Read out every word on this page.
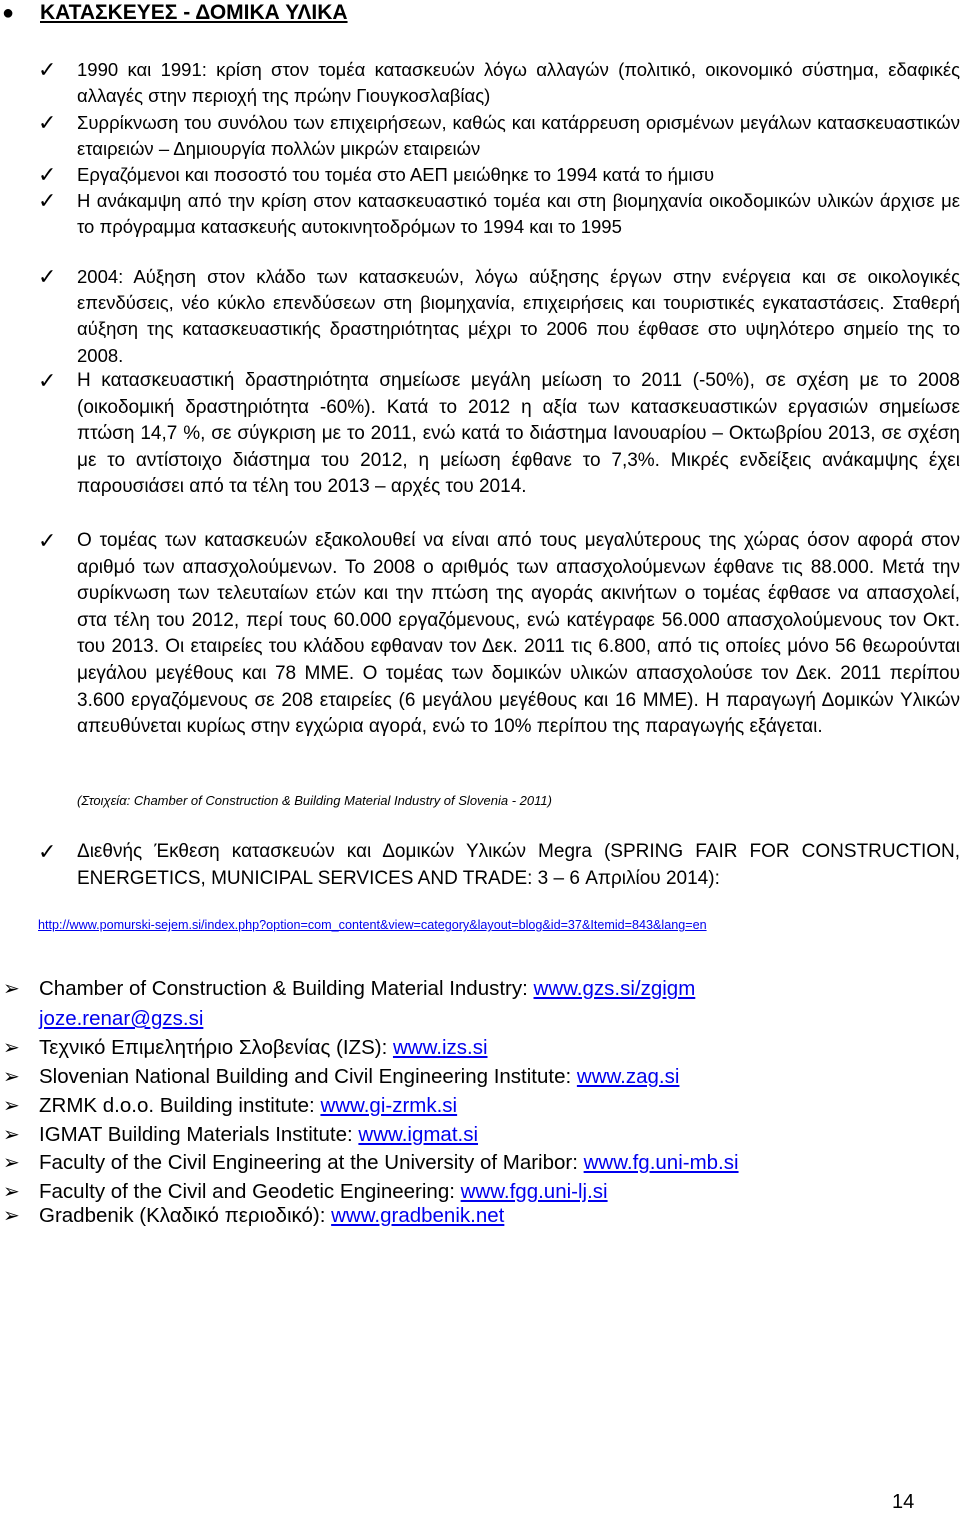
● ΚΑΤΑΣΚΕΥΕΣ - ΔΟΜΙΚΑ ΥΛΙΚΑ
✓ 1990 και 1991: κρίση στον τομέα κατασκευών λόγω αλλαγών (πολιτικό, οικονομικό σύστημα, εδαφικές αλλαγές στην περιοχή της πρώην Γιουγκοσλαβίας)
✓ Συρρίκνωση του συνόλου των επιχειρήσεων, καθώς και κατάρρευση ορισμένων μεγάλων κατασκευαστικών εταιρειών – Δημιουργία πολλών μικρών εταιρειών
✓ Εργαζόμενοι και ποσοστό του τομέα στο ΑΕΠ μειώθηκε το 1994 κατά το ήμισυ
✓ Η ανάκαμψη από την κρίση στον κατασκευαστικό τομέα και στη βιομηχανία οικοδομικών υλικών άρχισε με το πρόγραμμα κατασκευής αυτοκινητοδρόμων το 1994 και το 1995
✓ 2004: Αύξηση στον κλάδο των κατασκευών, λόγω αύξησης έργων στην ενέργεια και σε οικολογικές επενδύσεις, νέο κύκλο επενδύσεων στη βιομηχανία, επιχειρήσεις και τουριστικές εγκαταστάσεις. Σταθερή αύξηση της κατασκευαστικής δραστηριότητας μέχρι το 2006 που έφθασε στο υψηλότερο σημείο της το 2008.
✓ Η κατασκευαστική δραστηριότητα σημείωσε μεγάλη μείωση το 2011 (-50%), σε σχέση με το 2008 (οικοδομική δραστηριότητα -60%). Κατά το 2012 η αξία των κατασκευαστικών εργασιών σημείωσε πτώση 14,7 %, σε σύγκριση με το 2011, ενώ κατά το διάστημα Ιανουαρίου – Οκτωβρίου 2013, σε σχέση με το αντίστοιχο διάστημα του 2012, η μείωση έφθανε το 7,3%. Μικρές ενδείξεις ανάκαμψης έχει παρουσιάσει από τα τέλη του 2013 – αρχές του 2014.
✓ Ο τομέας των κατασκευών εξακολουθεί να είναι από τους μεγαλύτερους της χώρας όσον αφορά στον αριθμό των απασχολούμενων. Το 2008 ο αριθμός των απασχολούμενων έφθανε τις 88.000. Μετά την συρίκνωση των τελευταίων ετών και την πτώση της αγοράς ακινήτων ο τομέας έφθασε να απασχολεί, στα τέλη του 2012, περί τους 60.000 εργαζόμενους, ενώ κατέγραφε 56.000 απασχολούμενους τον Οκτ. του 2013. Οι εταιρείες του κλάδου εφθαναν τον Δεκ. 2011 τις 6.800, από τις οποίες μόνο 56 θεωρούνται μεγάλου μεγέθους και 78 ΜΜΕ. Ο τομέας των δομικών υλικών απασχολούσε τον Δεκ. 2011 περίπου 3.600 εργαζόμενους σε 208 εταιρείες (6 μεγάλου μεγέθους και 16 ΜΜΕ). Η παραγωγή Δομικών Υλικών απευθύνεται κυρίως στην εγχώρια αγορά, ενώ το 10% περίπου της παραγωγής εξάγεται.
(Στοιχεία: Chamber of Construction & Building Material Industry of Slovenia - 2011)
✓ Διεθνής Έκθεση κατασκευών και Δομικών Υλικών Megra (SPRING FAIR FOR CONSTRUCTION, ENERGETICS, MUNICIPAL SERVICES AND TRADE: 3 – 6 Απριλίου 2014):
http://www.pomurski-sejem.si/index.php?option=com_content&view=category&layout=blog&id=37&Itemid=843&lang=en
➢ Chamber of Construction & Building Material Industry: www.gzs.si/zgigm
joze.renar@gzs.si
➢ Τεχνικό Επιμελητήριο Σλοβενίας (IZS): www.izs.si
➢ Slovenian National Building and Civil Engineering Institute: www.zag.si
➢ ZRMK d.o.o. Building institute: www.gi-zrmk.si
➢ IGMAT Building Materials Institute: www.igmat.si
➢ Faculty of the Civil Engineering at the University of Maribor: www.fg.uni-mb.si
➢ Faculty of the Civil and Geodetic Engineering: www.fgg.uni-lj.si
➢ Gradbenik (Κλαδικό περιοδικό): www.gradbenik.net
14
